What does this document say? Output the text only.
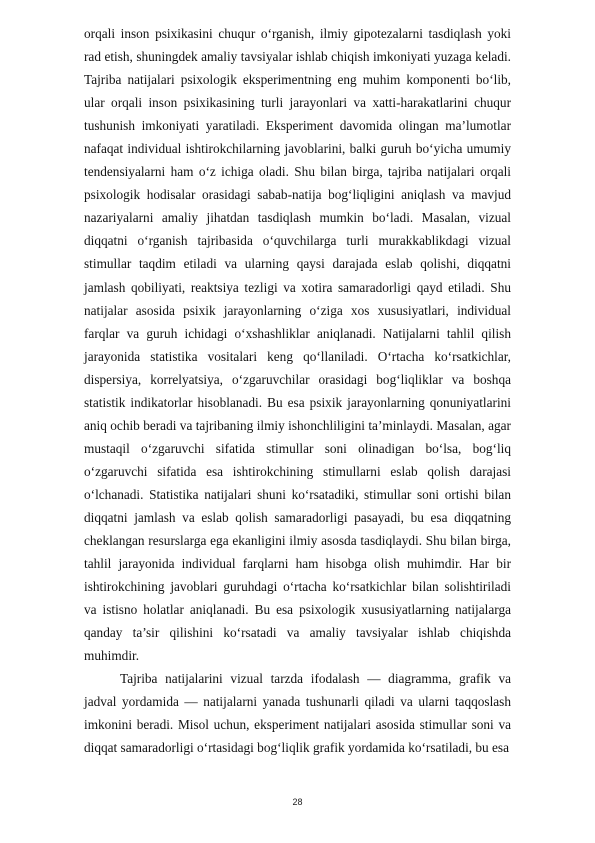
orqali inson psixikasini chuqur o‘rganish, ilmiy gipotezalarni tasdiqlash yoki rad etish, shuningdek amaliy tavsiyalar ishlab chiqish imkoniyati yuzaga keladi. Tajriba natijalari psixologik eksperimentning eng muhim komponenti bo‘lib, ular orqali inson psixikasining turli jarayonlari va xatti-harakatlarini chuqur tushunish imkoniyati yaratiladi. Eksperiment davomida olingan ma’lumotlar nafaqat individual ishtirokchilarning javoblarini, balki guruh bo‘yicha umumiy tendensiyalarni ham o‘z ichiga oladi. Shu bilan birga, tajriba natijalari orqali psixologik hodisalar orasidagi sabab-natija bog‘liqligini aniqlash va mavjud nazariyalarni amaliy jihatdan tasdiqlash mumkin bo‘ladi. Masalan, vizual diqqatni o‘rganish tajribasida o‘quvchilarga turli murakkablikdagi vizual stimullar taqdim etiladi va ularning qaysi darajada eslab qolishi, diqqatni jamlash qobiliyati, reaktsiya tezligi va xotira samaradorligi qayd etiladi. Shu natijalar asosida psixik jarayonlarning o‘ziga xos xususiyatlari, individual farqlar va guruh ichidagi o‘xshashliklar aniqlanadi. Natijalarni tahlil qilish jarayonida statistika vositalari keng qo‘llaniladi. O‘rtacha ko‘rsatkichlar, dispersiya, korrelyatsiya, o‘zgaruvchilar orasidagi bog‘liqliklar va boshqa statistik indikatorlar hisoblanadi. Bu esa psixik jarayonlarning qonuniyatlarini aniq ochib beradi va tajribaning ilmiy ishonchliligini ta’minlaydi. Masalan, agar mustaqil o‘zgaruvchi sifatida stimullar soni olinadigan bo‘lsa, bog‘liq o‘zgaruvchi sifatida esa ishtirokchining stimullarni eslab qolish darajasi o‘lchanadi. Statistika natijalari shuni ko‘rsatadiki, stimullar soni ortishi bilan diqqatni jamlash va eslab qolish samaradorligi pasayadi, bu esa diqqatning cheklangan resurslarga ega ekanligini ilmiy asosda tasdiqlaydi. Shu bilan birga, tahlil jarayonida individual farqlarni ham hisobga olish muhimdir. Har bir ishtirokchining javoblari guruhdagi o‘rtacha ko‘rsatkichlar bilan solishtiriladi va istisno holatlar aniqlanadi. Bu esa psixologik xususiyatlarning natijalarga qanday ta’sir qilishini ko‘rsatadi va amaliy tavsiyalar ishlab chiqishda muhimdir.

Tajriba natijalarini vizual tarzda ifodalash — diagramma, grafik va jadval yordamida — natijalarni yanada tushunarli qiladi va ularni taqqoslash imkonini beradi. Misol uchun, eksperiment natijalari asosida stimullar soni va diqqat samaradorligi o‘rtasidagi bog‘liqlik grafik yordamida ko‘rsatiladi, bu esa

28
